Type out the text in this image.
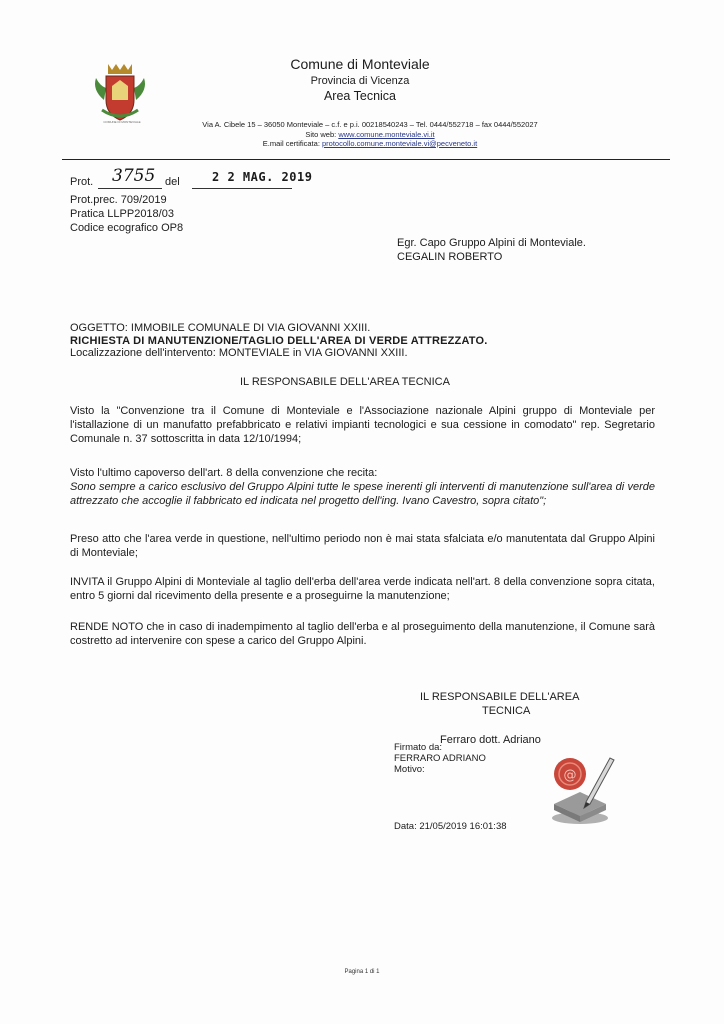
COMUNE DI MONTEVIALE
Comune di Monteviale
Provincia di Vicenza
Area Tecnica
Via A. Cibele 15 – 36050 Monteviale – c.f. e p.i. 00218540243 – Tel. 0444/552718 – fax 0444/552027
Sito web: www.comune.monteviale.vi.it
E.mail certificata: protocollo.comune.monteviale.vi@pecveneto.it
Prot. 3755 del	2 2 MAG. 2019
Prot.prec. 709/2019
Pratica LLPP2018/03
Codice ecografico OP8
Egr. Capo Gruppo Alpini di Monteviale.
CEGALIN ROBERTO
OGGETTO: IMMOBILE COMUNALE DI VIA GIOVANNI XXIII.
RICHIESTA DI MANUTENZIONE/TAGLIO DELL'AREA DI VERDE ATTREZZATO.
Localizzazione dell'intervento: MONTEVIALE in VIA GIOVANNI XXIII.
IL RESPONSABILE DELL'AREA TECNICA
Visto la "Convenzione tra il Comune di Monteviale e l'Associazione nazionale Alpini gruppo di Monteviale per l'istallazione di un manufatto prefabbricato e relativi impianti tecnologici e sua cessione in comodato" rep. Segretario Comunale n. 37 sottoscritta in data 12/10/1994;
Visto l'ultimo capoverso dell'art. 8 della convenzione che recita:
Sono sempre a carico esclusivo del Gruppo Alpini tutte le spese inerenti gli interventi di manutenzione sull'area di verde attrezzato che accoglie il fabbricato ed indicata nel progetto dell'ing. Ivano Cavestro, sopra citato";
Preso atto che l'area verde in questione, nell'ultimo periodo non è mai stata sfalciata e/o manutentata dal Gruppo Alpini di Monteviale;
INVITA il Gruppo Alpini di Monteviale al taglio dell'erba dell'area verde indicata nell'art. 8 della convenzione sopra citata, entro 5 giorni dal ricevimento della presente e a proseguirne la manutenzione;
RENDE NOTO che in caso di inadempimento al taglio dell'erba e al proseguimento della manutenzione, il Comune sarà costretto ad intervenire con spese a carico del Gruppo Alpini.
IL RESPONSABILE DELL'AREA
TECNICA
Ferraro dott. Adriano
Firmato da:
FERRARO ADRIANO
Motivo:	@
Data: 21/05/2019 16:01:38
Pagina 1 di 1
